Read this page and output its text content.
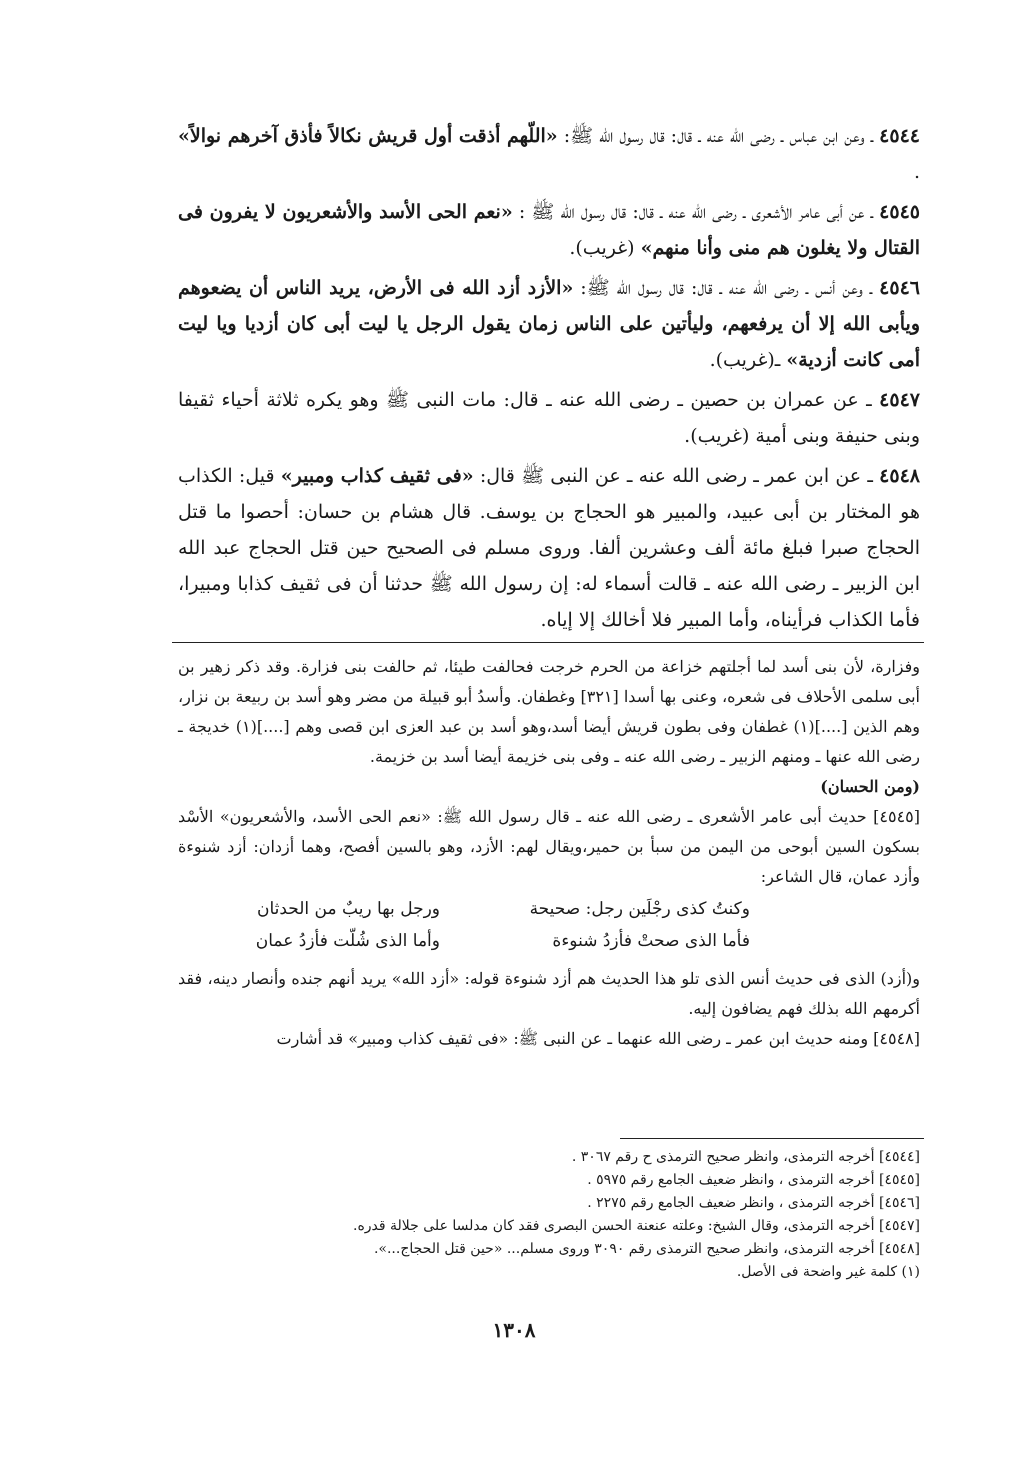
٤٥٤٤ ـ وعن ابن عباس ـ رضى الله عنه ـ قال: قال رسول الله ﷺ: «اللّهم أذقت أول قريش نكالاً فأذق آخرهم نوالاً» .

٤٥٤٥ ـ عن أبى عامر الأشعرى ـ رضى الله عنه ـ قال: قال رسول الله ﷺ : «نعم الحى الأسد والأشعريون لا يفرون فى القتال ولا يغلون هم منى وأنا منهم» (غريب).

٤٥٤٦ ـ وعن أنس ـ رضى الله عنه ـ قال: قال رسول الله ﷺ: «الأزد أزد الله فى الأرض، يريد الناس أن يضعوهم ويأبى الله إلا أن يرفعهم، وليأتين على الناس زمان يقول الرجل يا ليت أبى كان أزديا ويا ليت أمى كانت أزدية» ـ(غريب).

٤٥٤٧ ـ عن عمران بن حصين ـ رضى الله عنه ـ قال: مات النبى ﷺ وهو يكره ثلاثة أحياء ثقيفا وبنى حنيفة وبنى أمية (غريب).

٤٥٤٨ ـ عن ابن عمر ـ رضى الله عنه ـ عن النبى ﷺ قال: «فى ثقيف كذاب ومبير» قيل: الكذاب هو المختار بن أبى عبيد، والمبير هو الحجاج بن يوسف. قال هشام بن حسان: أحصوا ما قتل الحجاج صبرا فبلغ مائة ألف وعشرين ألفا. وروى مسلم فى الصحيح حين قتل الحجاج عبد الله ابن الزبير ـ رضى الله عنه ـ قالت أسماء له: إن رسول الله ﷺ حدثنا أن فى ثقيف كذابا ومبيرا، فأما الكذاب فرأيناه، وأما المبير فلا أخالك إلا إياه.

وفزارة، لأن بنى أسد لما أجلتهم خزاعة من الحرم خرجت فحالفت طيئا، ثم حالفت بنى فزارة. وقد ذكر زهير بن أبى سلمى الأحلاف فى شعره، وعنى بها أسدا [٣٢١] وغطفان. وأسدُ أبو قبيلة من مضر وهو أسد بن ربيعة بن نزار، وهم الذين [....](١) غطفان وفى بطون قريش أيضا أسد،وهو أسد بن عبد العزى ابن قصى وهم [....](١) خديجة ـ رضى الله عنها ـ ومنهم الزبير ـ رضى الله عنه ـ وفى بنى خزيمة أيضا أسد بن خزيمة.

(ومن الحسان)

[٤٥٤٥] حديث أبى عامر الأشعرى ـ رضى الله عنه ـ قال رسول الله ﷺ: «نعم الحى الأسد، والأشعريون» الأسْد بسكون السين أبوحى من اليمن من سبأ بن حمير،ويقال لهم: الأزد، وهو بالسين أفصح، وهما أزدان: أزد شنوءة وأزد عمان، قال الشاعر:

وكنتُ كذى رجْلَين رجل: صحيحة
ورجل بها ريبٌ من الحدثان
فأما الذى صحتْ فأزدُ شنوءة
وأما الذى شُلّت فأزدُ عمان

و(أزد) الذى فى حديث أنس الذى تلو هذا الحديث هم أزد شنوءة قوله: «أزد الله» يريد أنهم جنده وأنصار دينه، فقد أكرمهم الله بذلك فهم يضافون إليه.

[٤٥٤٨] ومنه حديث ابن عمر ـ رضى الله عنهما ـ عن النبى ﷺ: «فى ثقيف كذاب ومبير» قد أشارت

[٤٥٤٤] أخرجه الترمذى، وانظر صحيح الترمذى ح رقم ٣٠٦٧ .

[٤٥٤٥] أخرجه الترمذى ، وانظر ضعيف الجامع رقم ٥٩٧٥ .

[٤٥٤٦] أخرجه الترمذى ، وانظر ضعيف الجامع رقم ٢٢٧٥ .

[٤٥٤٧] أخرجه الترمذى، وقال الشيخ: وعلته عنعنة الحسن البصرى فقد كان مدلسا على جلالة قدره.

[٤٥٤٨] أخرجه الترمذى، وانظر صحيح الترمذى رقم ٣٠٩٠ وروى مسلم... «حين قتل الحجاج...».

(١) كلمة غير واضحة فى الأصل.

١٣٠٨
